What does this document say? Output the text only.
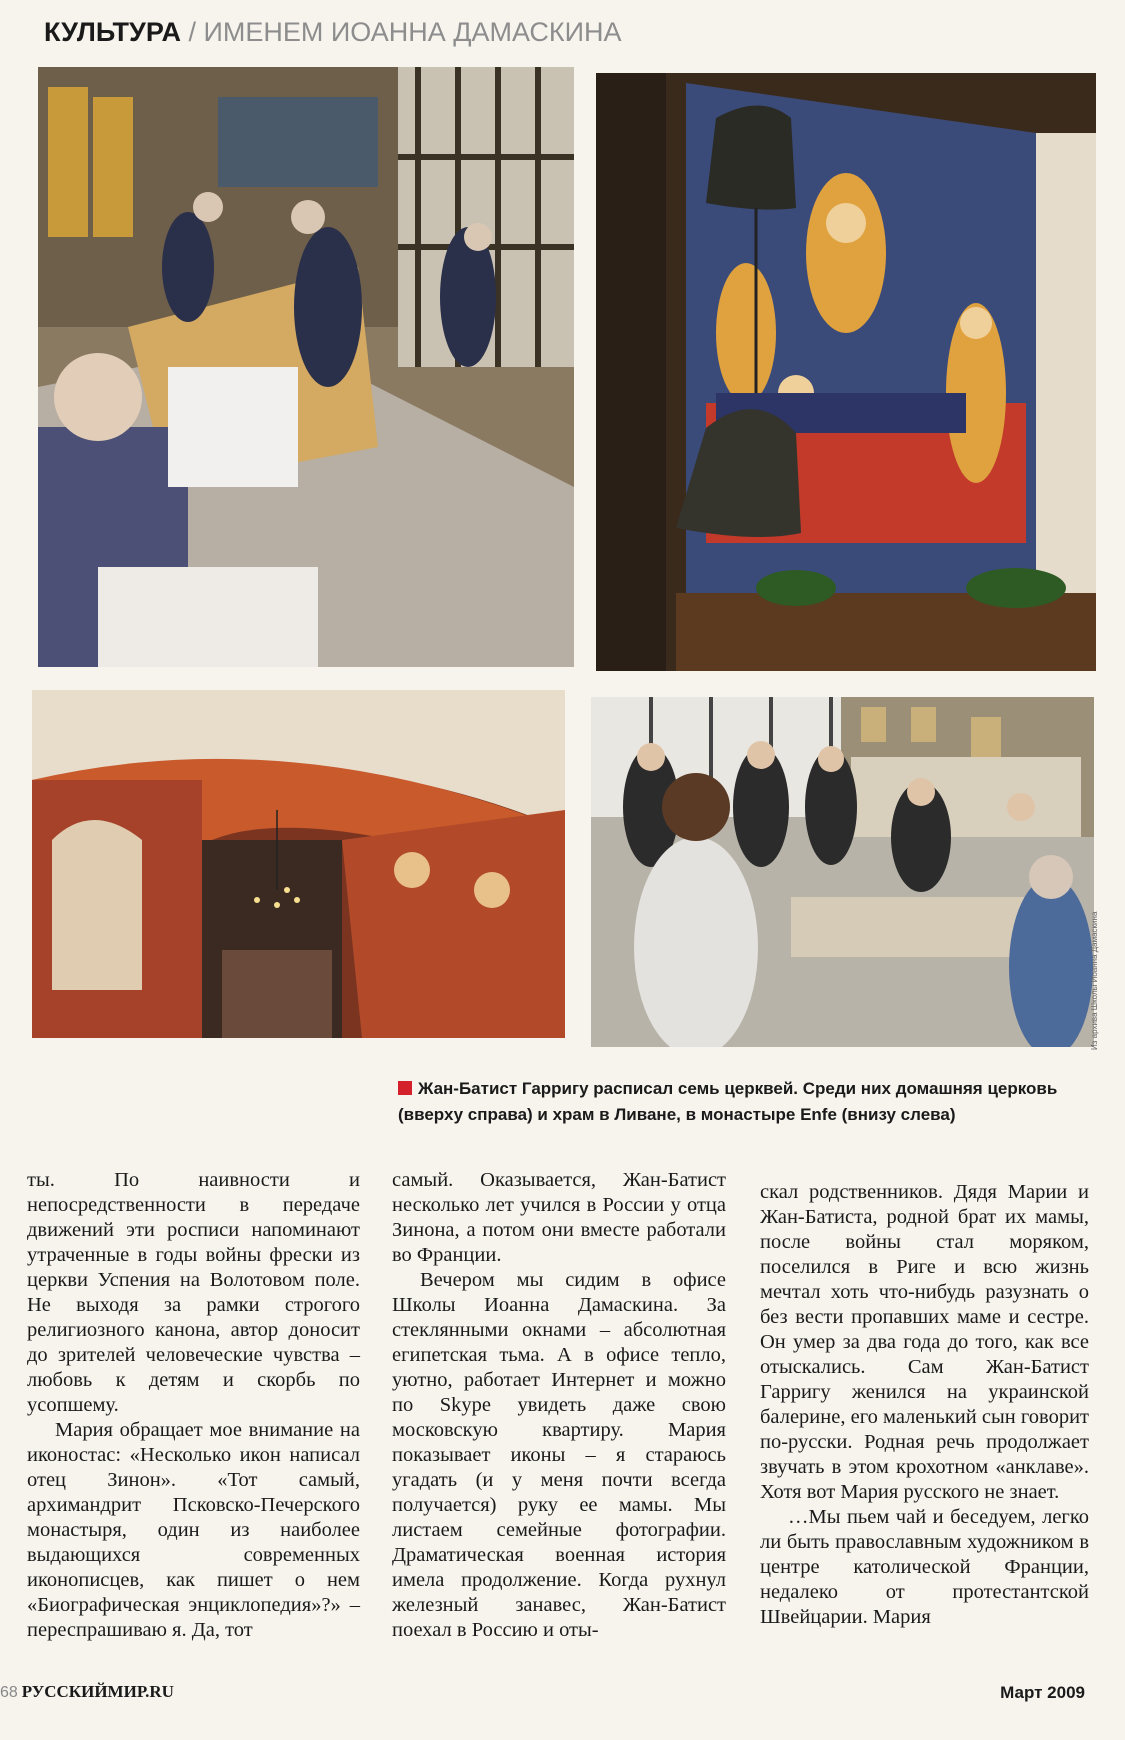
КУЛЬТУРА / ИМЕНЕМ ИОАННА ДАМАСКИНА
Из архива Школы Иоанна Дамаскина
Жан-Батист Гарригу расписал семь церквей. Среди них домашняя церковь (вверху справа) и храм в Ливане, в монастыре Enfe (внизу слева)

ты. По наивности и непосредственности в передаче движений эти росписи напоминают утраченные в годы войны фрески из церкви Успения на Волотовом поле. Не выходя за рамки строгого религиозного канона, автор доносит до зрителей человеческие чувства – любовь к детям и скорбь по усопшему.

Мария обращает мое внимание на иконостас: «Несколько икон написал отец Зинон». «Тот самый, архимандрит Псковско-Печерского монастыря, один из наиболее выдающихся современных иконописцев, как пишет о нем «Биографическая энциклопедия»?» – переспрашиваю я. Да, тот

самый. Оказывается, Жан-Батист несколько лет учился в России у отца Зинона, а потом они вместе работали во Франции.

Вечером мы сидим в офисе Школы Иоанна Дамаскина. За стеклянными окнами – абсолютная египетская тьма. А в офисе тепло, уютно, работает Интернет и можно по Skype увидеть даже свою московскую квартиру. Мария показывает иконы – я стараюсь угадать (и у меня почти всегда получается) руку ее мамы. Мы листаем семейные фотографии. Драматическая военная история имела продолжение. Когда рухнул железный занавес, Жан-Батист поехал в Россию и оты-

скал родственников. Дядя Марии и Жан-Батиста, родной брат их мамы, после войны стал моряком, поселился в Риге и всю жизнь мечтал хоть что-нибудь разузнать о без вести пропавших маме и сестре. Он умер за два года до того, как все отыскались. Сам Жан-Батист Гарригу женился на украинской балерине, его маленький сын говорит по-русски. Родная речь продолжает звучать в этом крохотном «анклаве». Хотя вот Мария русского не знает.

…Мы пьем чай и беседуем, легко ли быть православным художником в центре католической Франции, недалеко от протестантской Швейцарии. Мария

68 РУССКИЙМИР.RU	Март 2009
